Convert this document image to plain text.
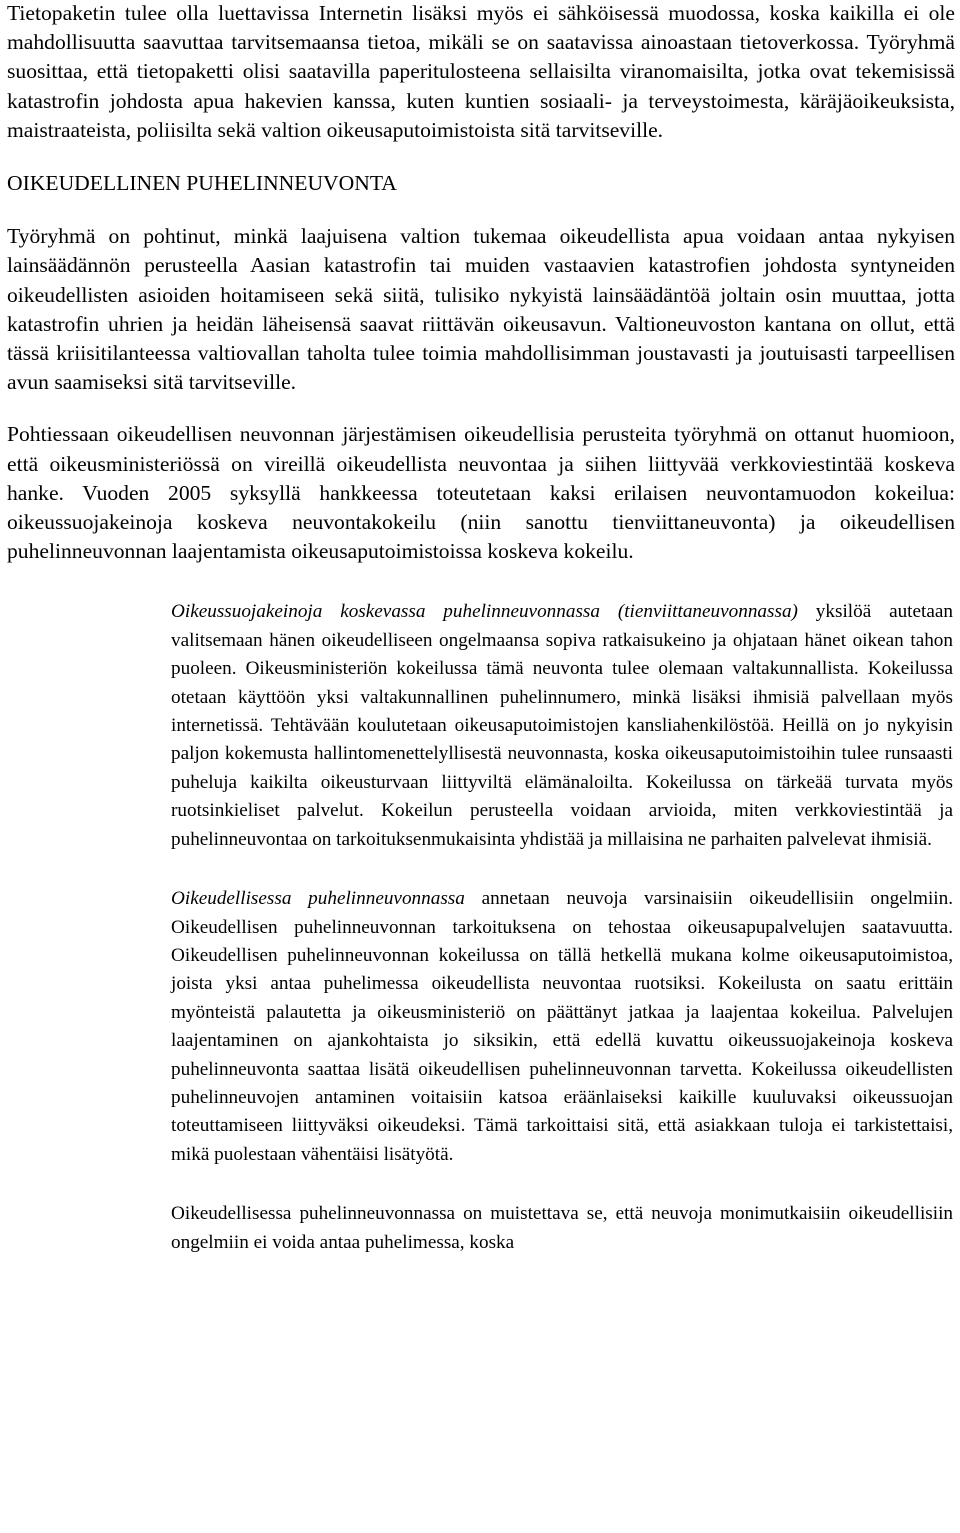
Tietopaketin tulee olla luettavissa Internetin lisäksi myös ei sähköisessä muodossa, koska kaikilla ei ole mahdollisuutta saavuttaa tarvitsemaansa tietoa, mikäli se on saatavissa ainoastaan tietoverkossa. Työryhmä suosittaa, että tietopaketti olisi saatavilla paperitulosteena sellaisilta viranomaisilta, jotka ovat tekemisissä katastrofin johdosta apua hakevien kanssa, kuten kuntien sosiaali- ja terveystoimesta, käräjäoikeuksista, maistraateista, poliisilta sekä valtion oikeusaputoimistoista sitä tarvitseville.

OIKEUDELLINEN PUHELINNEUVONTA

Työryhmä on pohtinut, minkä laajuisena valtion tukemaa oikeudellista apua voidaan antaa nykyisen lainsäädännön perusteella Aasian katastrofin tai muiden vastaavien katastrofien johdosta syntyneiden oikeudellisten asioiden hoitamiseen sekä siitä, tulisiko nykyistä lainsäädäntöä joltain osin muuttaa, jotta katastrofin uhrien ja heidän läheisensä saavat riittävän oikeusavun. Valtioneuvoston kantana on ollut, että tässä kriisitilanteessa valtiovallan taholta tulee toimia mahdollisimman joustavasti ja joutuisasti tarpeellisen avun saamiseksi sitä tarvitseville.

Pohtiessaan oikeudellisen neuvonnan järjestämisen oikeudellisia perusteita työryhmä on ottanut huomioon, että oikeusministeriössä on vireillä oikeudellista neuvontaa ja siihen liittyvää verkkoviestintää koskeva hanke. Vuoden 2005 syksyllä hankkeessa toteutetaan kaksi erilaisen neuvontamuodon kokeilua: oikeussuojakeinoja koskeva neuvontakokeilu (niin sanottu tienviittaneuvonta) ja oikeudellisen puhelinneuvonnan laajentamista oikeusaputoimistoissa koskeva kokeilu.

Oikeussuojakeinoja koskevassa puhelinneuvonnassa (tienviittaneuvonnassa) yksilöä autetaan valitsemaan hänen oikeudelliseen ongelmaansa sopiva ratkaisukeino ja ohjataan hänet oikean tahon puoleen. Oikeusministeriön kokeilussa tämä neuvonta tulee olemaan valtakunnallista. Kokeilussa otetaan käyttöön yksi valtakunnallinen puhelinnumero, minkä lisäksi ihmisiä palvellaan myös internetissä. Tehtävään koulutetaan oikeusaputoimistojen kansliahenkilöstöä. Heillä on jo nykyisin paljon kokemusta hallintomenettelyllisestä neuvonnasta, koska oikeusaputoimistoihin tulee runsaasti puheluja kaikilta oikeusturvaan liittyviltä elämänaloilta. Kokeilussa on tärkeää turvata myös ruotsinkieliset palvelut. Kokeilun perusteella voidaan arvioida, miten verkkoviestintää ja puhelinneuvontaa on tarkoituksenmukaisinta yhdistää ja millaisina ne parhaiten palvelevat ihmisiä.

Oikeudellisessa puhelinneuvonnassa annetaan neuvoja varsinaisiin oikeudellisiin ongelmiin. Oikeudellisen puhelinneuvonnan tarkoituksena on tehostaa oikeusapupalvelujen saatavuutta. Oikeudellisen puhelinneuvonnan kokeilussa on tällä hetkellä mukana kolme oikeusaputoimistoa, joista yksi antaa puhelimessa oikeudellista neuvontaa ruotsiksi. Kokeilusta on saatu erittäin myönteistä palautetta ja oikeusministeriö on päättänyt jatkaa ja laajentaa kokeilua. Palvelujen laajentaminen on ajankohtaista jo siksikin, että edellä kuvattu oikeussuojakeinoja koskeva puhelinneuvonta saattaa lisätä oikeudellisen puhelinneuvonnan tarvetta. Kokeilussa oikeudellisten puhelinneuvojen antaminen voitaisiin katsoa eräänlaiseksi kaikille kuuluvaksi oikeussuojan toteuttamiseen liittyväksi oikeudeksi. Tämä tarkoittaisi sitä, että asiakkaan tuloja ei tarkistettaisi, mikä puolestaan vähentäisi lisätyötä.

Oikeudellisessa puhelinneuvonnassa on muistettava se, että neuvoja monimutkaisiin oikeudellisiin ongelmiin ei voida antaa puhelimessa, koska
